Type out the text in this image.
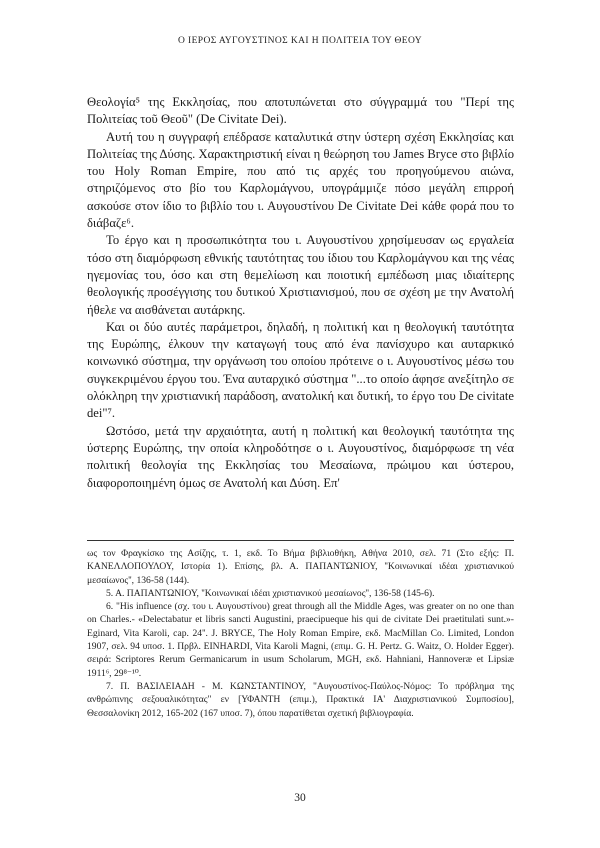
Ο ΙΕΡΟΣ ΑΥΓΟΥΣΤΙΝΟΣ ΚΑΙ Η ΠΟΛΙΤΕΙΑ ΤΟΥ ΘΕΟΥ

Θεολογία⁵ της Εκκλησίας, που αποτυπώνεται στο σύγγραμμά του "Περί της Πολιτείας τοῦ Θεοῦ" (De Civitate Dei).

Αυτή του η συγγραφή επέδρασε καταλυτικά στην ύστερη σχέση Εκκλησίας και Πολιτείας της Δύσης. Χαρακτηριστική είναι η θεώρηση του James Bryce στο βιβλίο του Holy Roman Empire, που από τις αρχές του προηγούμενου αιώνα, στηριζόμενος στο βίο του Καρλομάγνου, υπογράμμιζε πόσο μεγάλη επιρροή ασκούσε στον ίδιο το βιβλίο του ι. Αυγουστίνου De Civitate Dei κάθε φορά που το διάβαζε⁶.

Το έργο και η προσωπικότητα του ι. Αυγουστίνου χρησίμευσαν ως εργαλεία τόσο στη διαμόρφωση εθνικής ταυτότητας του ίδιου του Καρλομάγνου και της νέας ηγεμονίας του, όσο και στη θεμελίωση και ποιοτική εμπέδωση μιας ιδιαίτερης θεολογικής προσέγγισης του δυτικού Χριστιανισμού, που σε σχέση με την Ανατολή ήθελε να αισθάνεται αυτάρκης.

Και οι δύο αυτές παράμετροι, δηλαδή, η πολιτική και η θεολογική ταυτότητα της Ευρώπης, έλκουν την καταγωγή τους από ένα πανίσχυρο και αυταρκικό κοινωνικό σύστημα, την οργάνωση του οποίου πρότεινε ο ι. Αυγουστίνος μέσω του συγκεκριμένου έργου του. Ένα αυταρχικό σύστημα "...το οποίο άφησε ανεξίτηλο σε ολόκληρη την χριστιανική παράδοση, ανατολική και δυτική, το έργο του De civitate dei"⁷.

Ωστόσο, μετά την αρχαιότητα, αυτή η πολιτική και θεολογική ταυτότητα της ύστερης Ευρώπης, την οποία κληροδότησε ο ι. Αυγουστίνος, διαμόρφωσε τη νέα πολιτική θεολογία της Εκκλησίας του Μεσαίωνα, πρώιμου και ύστερου, διαφοροποιημένη όμως σε Ανατολή και Δύση. Επ'

ως τον Φραγκίσκο της Ασίζης, τ. 1, εκδ. Το Βήμα βιβλιοθήκη, Αθήνα 2010, σελ. 71 (Στο εξής: Π. ΚΑΝΕΛΛΟΠΟΥΛΟΥ, Ιστορία 1). Επίσης, βλ. Α. ΠΑΠΑΝΤΩΝΙΟΥ, ''Κοινωνικαί ιδέαι χριστιανικού μεσαίωνος'', 136-58 (144).

5. Α. ΠΑΠΑΝΤΩΝΙΟΥ, ''Κοινωνικαί ιδέαι χριστιανικού μεσαίωνος'', 136-58 (145-6).

6. "His influence (σχ. του ι. Αυγουστίνου) great through all the Middle Ages, was greater on no one than on Charles.- «Delectabatur et libris sancti Augustini, praecipueque his qui de civitate Dei praetitulati sunt.»-Eginard, Vita Karoli, cap. 24''. J. BRYCE, The Holy Roman Empire, εκδ. MacMillan Co. Limited, London 1907, σελ. 94 υποσ. 1. Πρβλ. EINHARDI, Vita Karoli Magni, (επιμ. G. H. Pertz. G. Waitz, O. Holder Egger). σειρά: Scriptores Rerum Germanicarum in usum Scholarum, MGH, εκδ. Hahniani, Hannoveræ et Lipsiæ 1911⁶, 29⁸⁻¹⁰.

7. Π. ΒΑΣΙΛΕΙΑΔΗ - Μ. ΚΩΝΣΤΑΝΤΙΝΟΥ, "Αυγουστίνος-Παύλος-Νόμος: Το πρόβλημα της ανθρώπινης σεξουαλικότητας" εν [ΥΦΑΝΤΗ (επιμ.), Πρακτικά ΙΑ' Διαχριστιανικού Συμποσίου], Θεσσαλονίκη 2012, 165-202 (167 υποσ. 7), όπου παρατίθεται σχετική βιβλιογραφία.

30
